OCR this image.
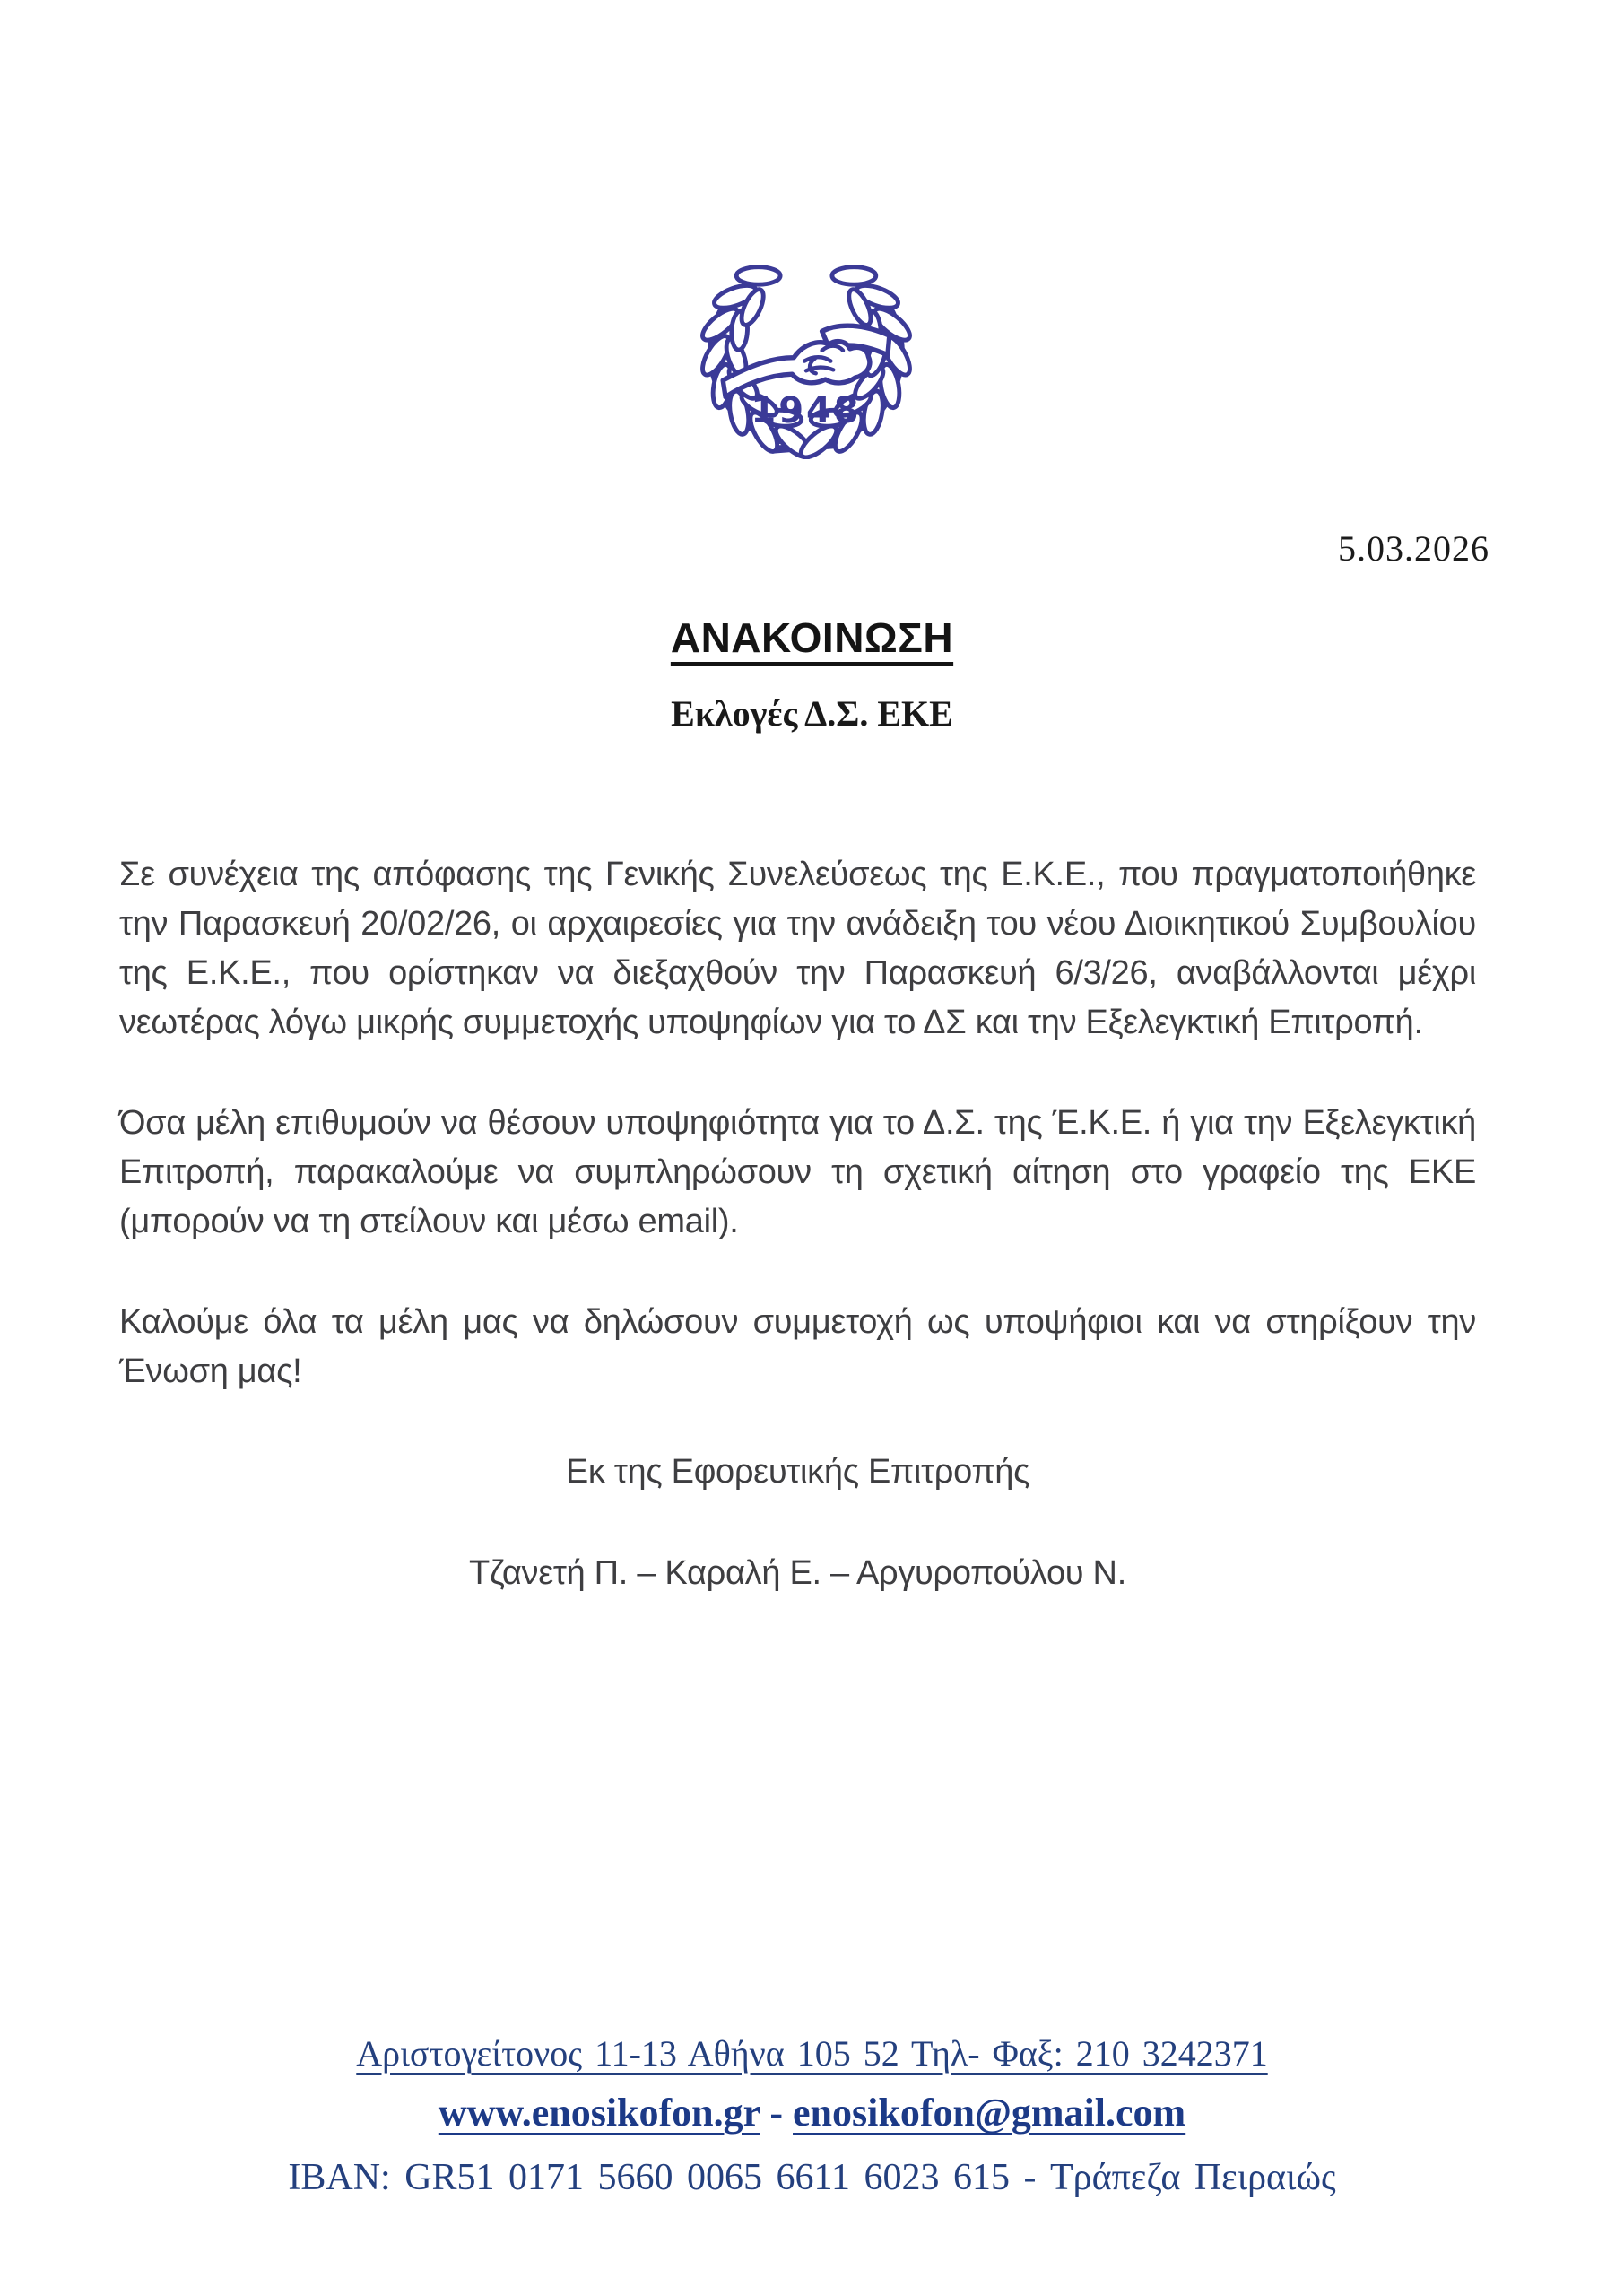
1948
5.03.2026
ΑΝΑΚΟΙΝΩΣΗ
Εκλογές Δ.Σ. ΕΚΕ

Σε συνέχεια της απόφασης της Γενικής Συνελεύσεως της Ε.Κ.Ε., που πραγματοποιήθηκε την Παρασκευή 20/02/26, οι αρχαιρεσίες για την ανάδειξη του νέου Διοικητικού Συμβουλίου της Ε.Κ.Ε., που ορίστηκαν να διεξαχθούν την Παρασκευή 6/3/26, αναβάλλονται μέχρι νεωτέρας λόγω μικρής συμμετοχής υποψηφίων για το ΔΣ και την Εξελεγκτική Επιτροπή.

Όσα μέλη επιθυμούν να θέσουν υποψηφιότητα για το Δ.Σ. της Έ.Κ.Ε. ή για την Εξελεγκτική Επιτροπή, παρακαλούμε να συμπληρώσουν τη σχετική αίτηση στο γραφείο της ΕΚΕ (μπορούν να τη στείλουν και μέσω email).

Καλούμε όλα τα μέλη μας να δηλώσουν συμμετοχή ως υποψήφιοι και να στηρίξουν την Ένωση μας!

Εκ της Εφορευτικής Επιτροπής
Τζανετή Π. – Καραλή Ε. – Αργυροπούλου Ν.
Αριστογείτονος 11-13 Αθήνα 105 52 Τηλ- Φαξ: 210 3242371
www.enosikofon.gr - enosikofon@gmail.com
IBAN: GR51 0171 5660 0065 6611 6023 615 - Τράπεζα Πειραιώς
